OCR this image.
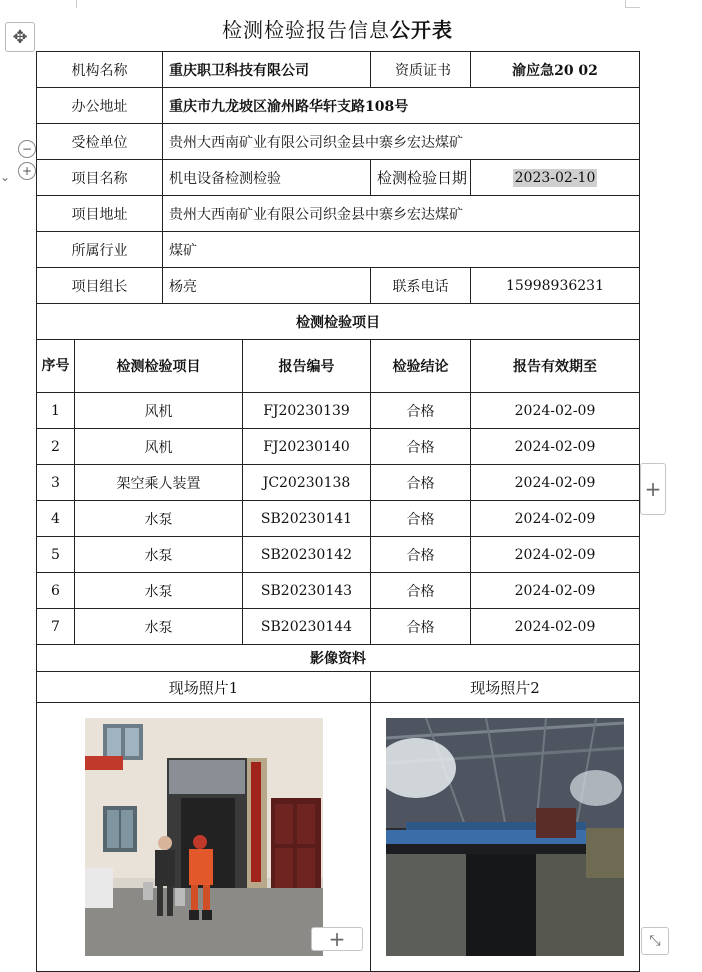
✥
−
+
⌄
检测检验报告信息公开表
机构名称		重庆职卫科技有限公司		资质证书	渝应急20 02
办公地址		重庆市九龙坡区渝州路华轩支路108号			
受检单位		贵州大西南矿业有限公司织金县中寨乡宏达煤矿			
项目名称		机电设备检测检验		检测检验日期	2023-02-10
项目地址		贵州大西南矿业有限公司织金县中寨乡宏达煤矿			
所属行业		煤矿			
项目组长		杨亮		联系电话	15998936231
检测检验项目					
序号	检测检验项目		报告编号	检验结论	报告有效期至
1	风机		FJ20230139	合格	2024-02-09
2	风机		FJ20230140	合格	2024-02-09
3	架空乘人装置		JC20230138	合格	2024-02-09
4	水泵		SB20230141	合格	2024-02-09
5	水泵		SB20230142	合格	2024-02-09
6	水泵		SB20230143	合格	2024-02-09
7	水泵		SB20230144	合格	2024-02-09
影像资料					
现场照片1				现场照片2	

+
+	⤡
